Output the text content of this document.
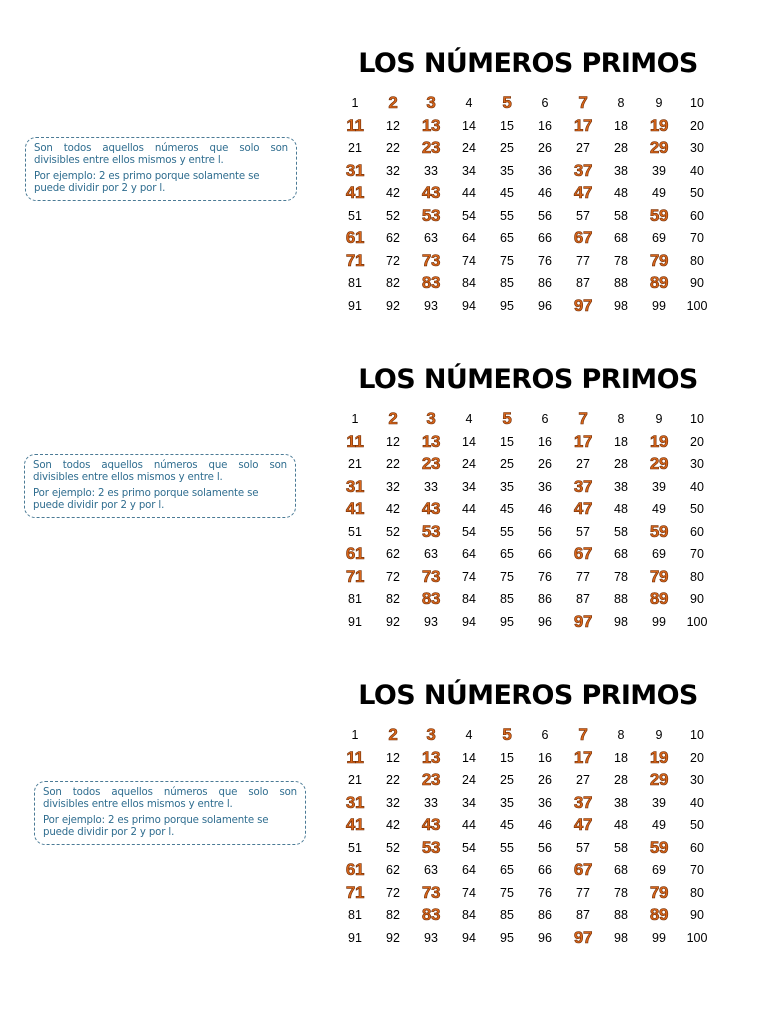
Son todos aquellos números que solo son divisibles entre ellos mismos y entre l.

Por ejemplo: 2 es primo porque solamente se puede dividir por 2 y por l.

LOS NÚMEROS PRIMOS
1	2	3	4	5	6	7	8	9	10
11	12	13	14	15	16	17	18	19	20
21	22	23	24	25	26	27	28	29	30
31	32	33	34	35	36	37	38	39	40
41	42	43	44	45	46	47	48	49	50
51	52	53	54	55	56	57	58	59	60
61	62	63	64	65	66	67	68	69	70
71	72	73	74	75	76	77	78	79	80
81	82	83	84	85	86	87	88	89	90
91	92	93	94	95	96	97	98	99	100

Son todos aquellos números que solo son divisibles entre ellos mismos y entre l.

Por ejemplo: 2 es primo porque solamente se puede dividir por 2 y por l.

LOS NÚMEROS PRIMOS
1	2	3	4	5	6	7	8	9	10
11	12	13	14	15	16	17	18	19	20
21	22	23	24	25	26	27	28	29	30
31	32	33	34	35	36	37	38	39	40
41	42	43	44	45	46	47	48	49	50
51	52	53	54	55	56	57	58	59	60
61	62	63	64	65	66	67	68	69	70
71	72	73	74	75	76	77	78	79	80
81	82	83	84	85	86	87	88	89	90
91	92	93	94	95	96	97	98	99	100

Son todos aquellos números que solo son divisibles entre ellos mismos y entre l.

Por ejemplo: 2 es primo porque solamente se puede dividir por 2 y por l.

LOS NÚMEROS PRIMOS
1	2	3	4	5	6	7	8	9	10
11	12	13	14	15	16	17	18	19	20
21	22	23	24	25	26	27	28	29	30
31	32	33	34	35	36	37	38	39	40
41	42	43	44	45	46	47	48	49	50
51	52	53	54	55	56	57	58	59	60
61	62	63	64	65	66	67	68	69	70
71	72	73	74	75	76	77	78	79	80
81	82	83	84	85	86	87	88	89	90
91	92	93	94	95	96	97	98	99	100
